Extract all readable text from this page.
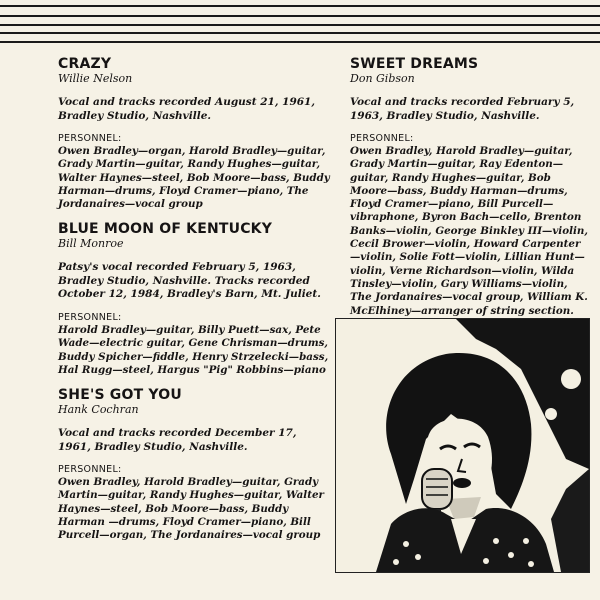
CRAZY
Willie Nelson
Vocal and tracks recorded August 21, 1961, Bradley Studio, Nashville.
PERSONNEL:
Owen Bradley—organ, Harold Bradley—guitar, Grady Martin—guitar, Randy Hughes—guitar, Walter Haynes—steel, Bob Moore—bass, Buddy Harman—drums, Floyd Cramer—piano, The Jordanaires—vocal group
BLUE MOON OF KENTUCKY
Bill Monroe
Patsy's vocal recorded February 5, 1963, Bradley Studio, Nashville. Tracks recorded October 12, 1984, Bradley's Barn, Mt. Juliet.
PERSONNEL:
Harold Bradley—guitar, Billy Puett—sax, Pete Wade—electric guitar, Gene Chrisman—drums, Buddy Spicher—fiddle, Henry Strzelecki—bass, Hal Rugg—steel, Hargus "Pig" Robbins—piano
SHE'S GOT YOU
Hank Cochran
Vocal and tracks recorded December 17, 1961, Bradley Studio, Nashville.
PERSONNEL:
Owen Bradley, Harold Bradley—guitar, Grady Martin—guitar, Randy Hughes—guitar, Walter Haynes—steel, Bob Moore—bass, Buddy Harman —drums, Floyd Cramer—piano, Bill Purcell—organ, The Jordanaires—vocal group
SWEET DREAMS
Don Gibson
Vocal and tracks recorded February 5, 1963, Bradley Studio, Nashville.
PERSONNEL:
Owen Bradley, Harold Bradley—guitar, Grady Martin—guitar, Ray Edenton—guitar, Randy Hughes—guitar, Bob Moore—bass, Buddy Harman—drums, Floyd Cramer—piano, Bill Purcell—vibraphone, Byron Bach—cello, Brenton Banks—violin, George Binkley III—violin, Cecil Brower—violin, Howard Carpenter—violin, Solie Fott—violin, Lillian Hunt—violin, Verne Richardson—violin, Wilda Tinsley—violin, Gary Williams—violin, The Jordanaires—vocal group, William K. McElhiney—arranger of string section.
